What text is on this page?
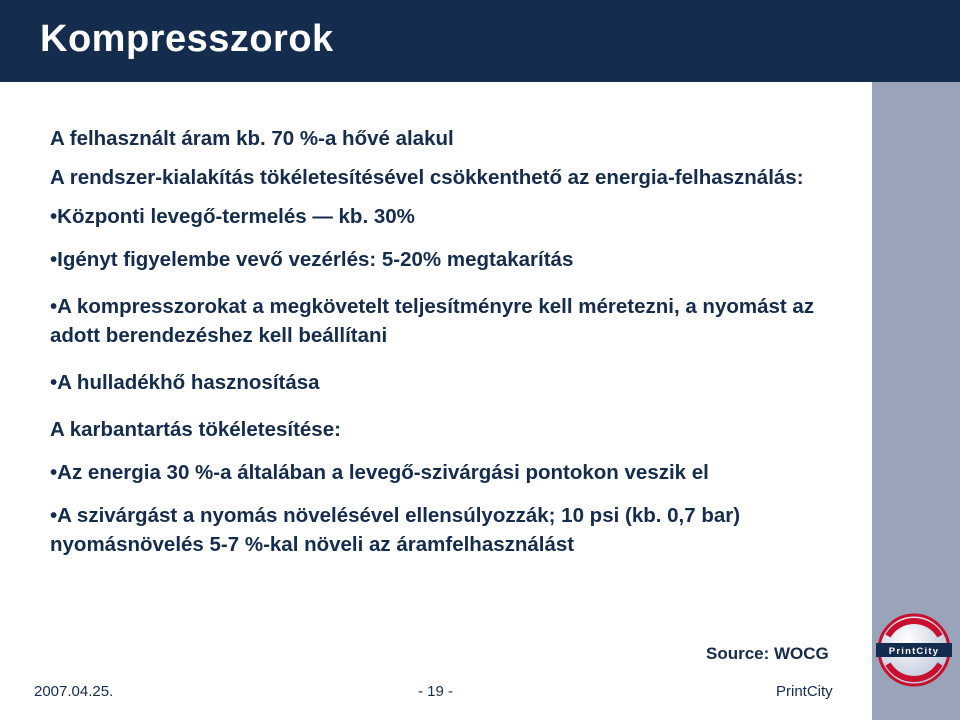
Kompresszorok

A felhasznált áram kb. 70 %-a hővé alakul

A rendszer-kialakítás tökéletesítésével csökkenthető az energia-felhasználás:

•Központi levegő-termelés — kb. 30%

•Igényt figyelembe vevő vezérlés: 5-20% megtakarítás

•A kompresszorokat a megkövetelt teljesítményre kell méretezni, a nyomást az adott berendezéshez kell beállítani

•A hulladékhő hasznosítása

A karbantartás tökéletesítése:

•Az energia 30 %-a általában a levegő-szivárgási pontokon veszik el

•A szivárgást a nyomás növelésével ellensúlyozzák; 10 psi (kb. 0,7 bar) nyomásnövelés 5-7 %-kal növeli az áramfelhasználást

Source: WOCG
2007.04.25.	- 19 -	PrintCity
PrintCity
